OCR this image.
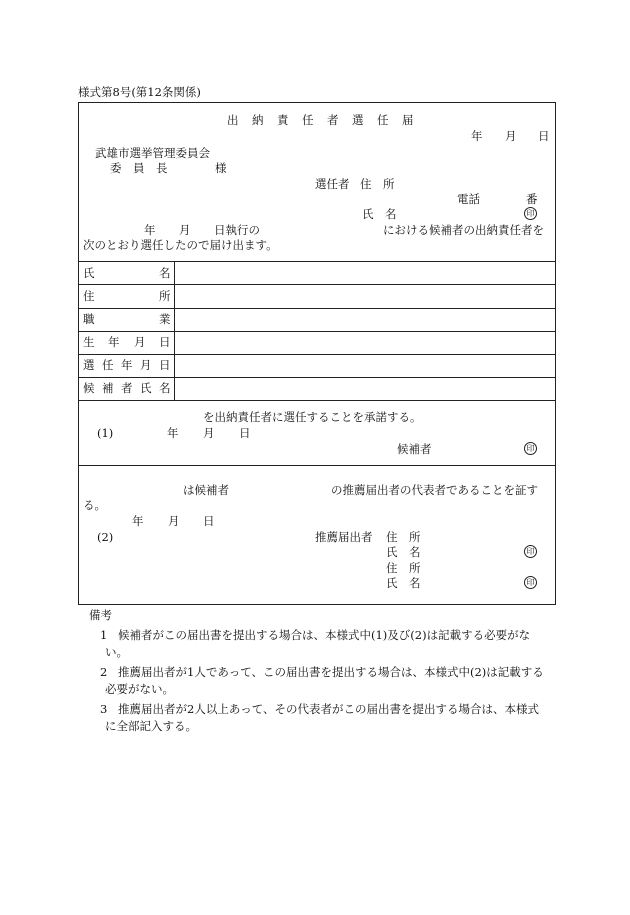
様式第8号(第12条関係)
出　納　責　任　者　選　任　届
年 月 日
武雄市選挙管理委員会
委　員　長	様
選任者 住　所
電話	番
氏　名	印
年 月 日執行の	における候補者の出納責任者を
次のとおり選任したので届け出ます。
氏	名
住	所
職	業
生 年 月 日
選 任 年 月 日
候 補 者 氏 名
を出納責任者に選任することを承諾する。
(1)	年 月 日
候補者	印
は候補者	の推薦届出者の代表者であることを証す
る。
年 月 日
(2)	推薦届出者 住　所
氏　名	印
住　所
氏　名	印
備考
1 候補者がこの届出書を提出する場合は、本様式中(1)及び(2)は記載する必要がな
い。
2 推薦届出者が1人であって、この届出書を提出する場合は、本様式中(2)は記載する
必要がない。
3 推薦届出者が2人以上あって、その代表者がこの届出書を提出する場合は、本様式
に全部記入する。
